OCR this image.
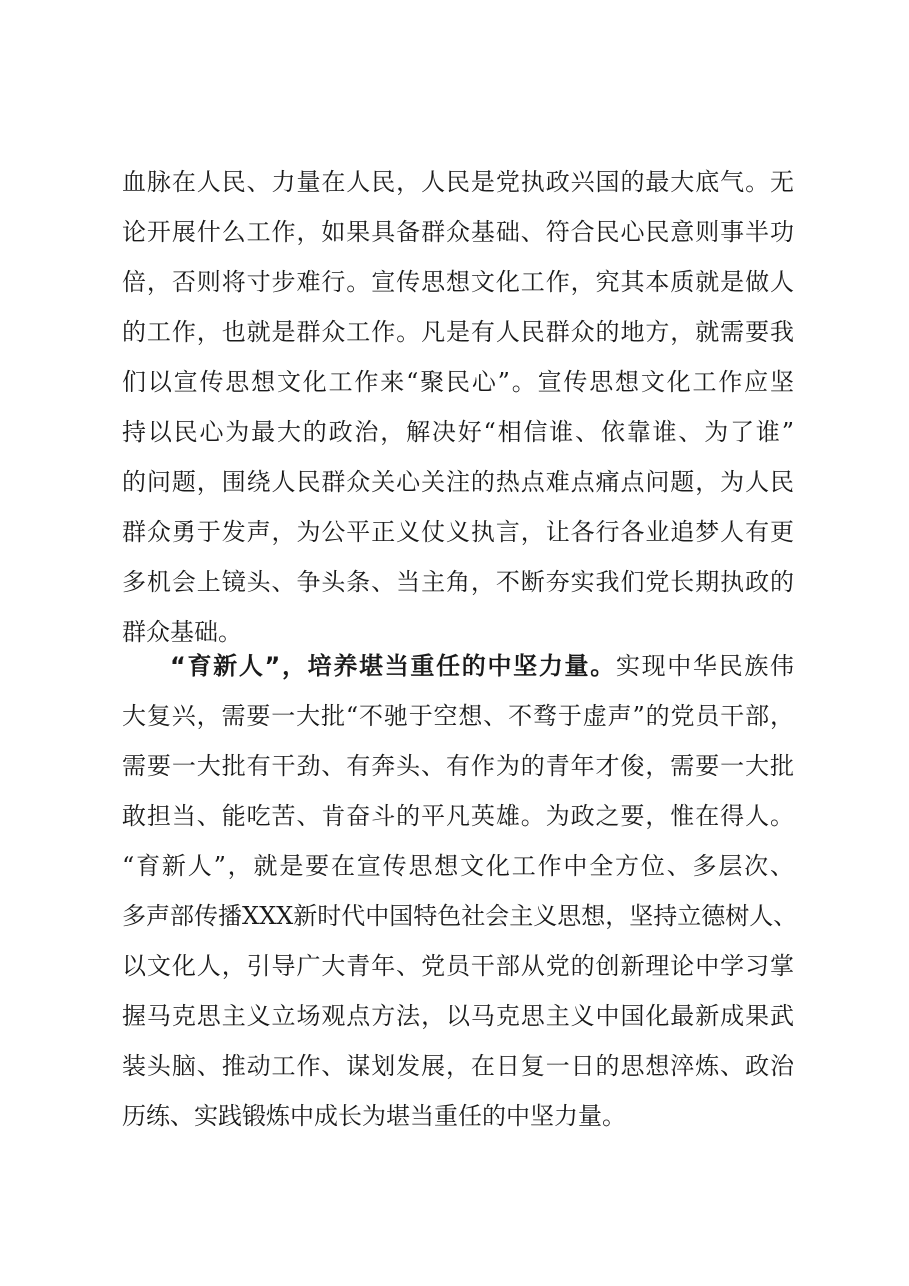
血脉在人民、力量在人民，人民是党执政兴国的最大底气。无
论开展什么工作，如果具备群众基础、符合民心民意则事半功
倍，否则将寸步难行。宣传思想文化工作，究其本质就是做人
的工作，也就是群众工作。凡是有人民群众的地方，就需要我
们以宣传思想文化工作来“聚民心”。宣传思想文化工作应坚
持以民心为最大的政治，解决好“相信谁、依靠谁、为了谁”
的问题，围绕人民群众关心关注的热点难点痛点问题，为人民
群众勇于发声，为公平正义仗义执言，让各行各业追梦人有更
多机会上镜头、争头条、当主角，不断夯实我们党长期执政的
群众基础。
“育新人”，培养堪当重任的中坚力量。实现中华民族伟
大复兴，需要一大批“不驰于空想、不骛于虚声”的党员干部，
需要一大批有干劲、有奔头、有作为的青年才俊，需要一大批
敢担当、能吃苦、肯奋斗的平凡英雄。为政之要，惟在得人。
“育新人”，就是要在宣传思想文化工作中全方位、多层次、
多声部传播XXX新时代中国特色社会主义思想，坚持立德树人、
以文化人，引导广大青年、党员干部从党的创新理论中学习掌
握马克思主义立场观点方法，以马克思主义中国化最新成果武
装头脑、推动工作、谋划发展，在日复一日的思想淬炼、政治
历练、实践锻炼中成长为堪当重任的中坚力量。
